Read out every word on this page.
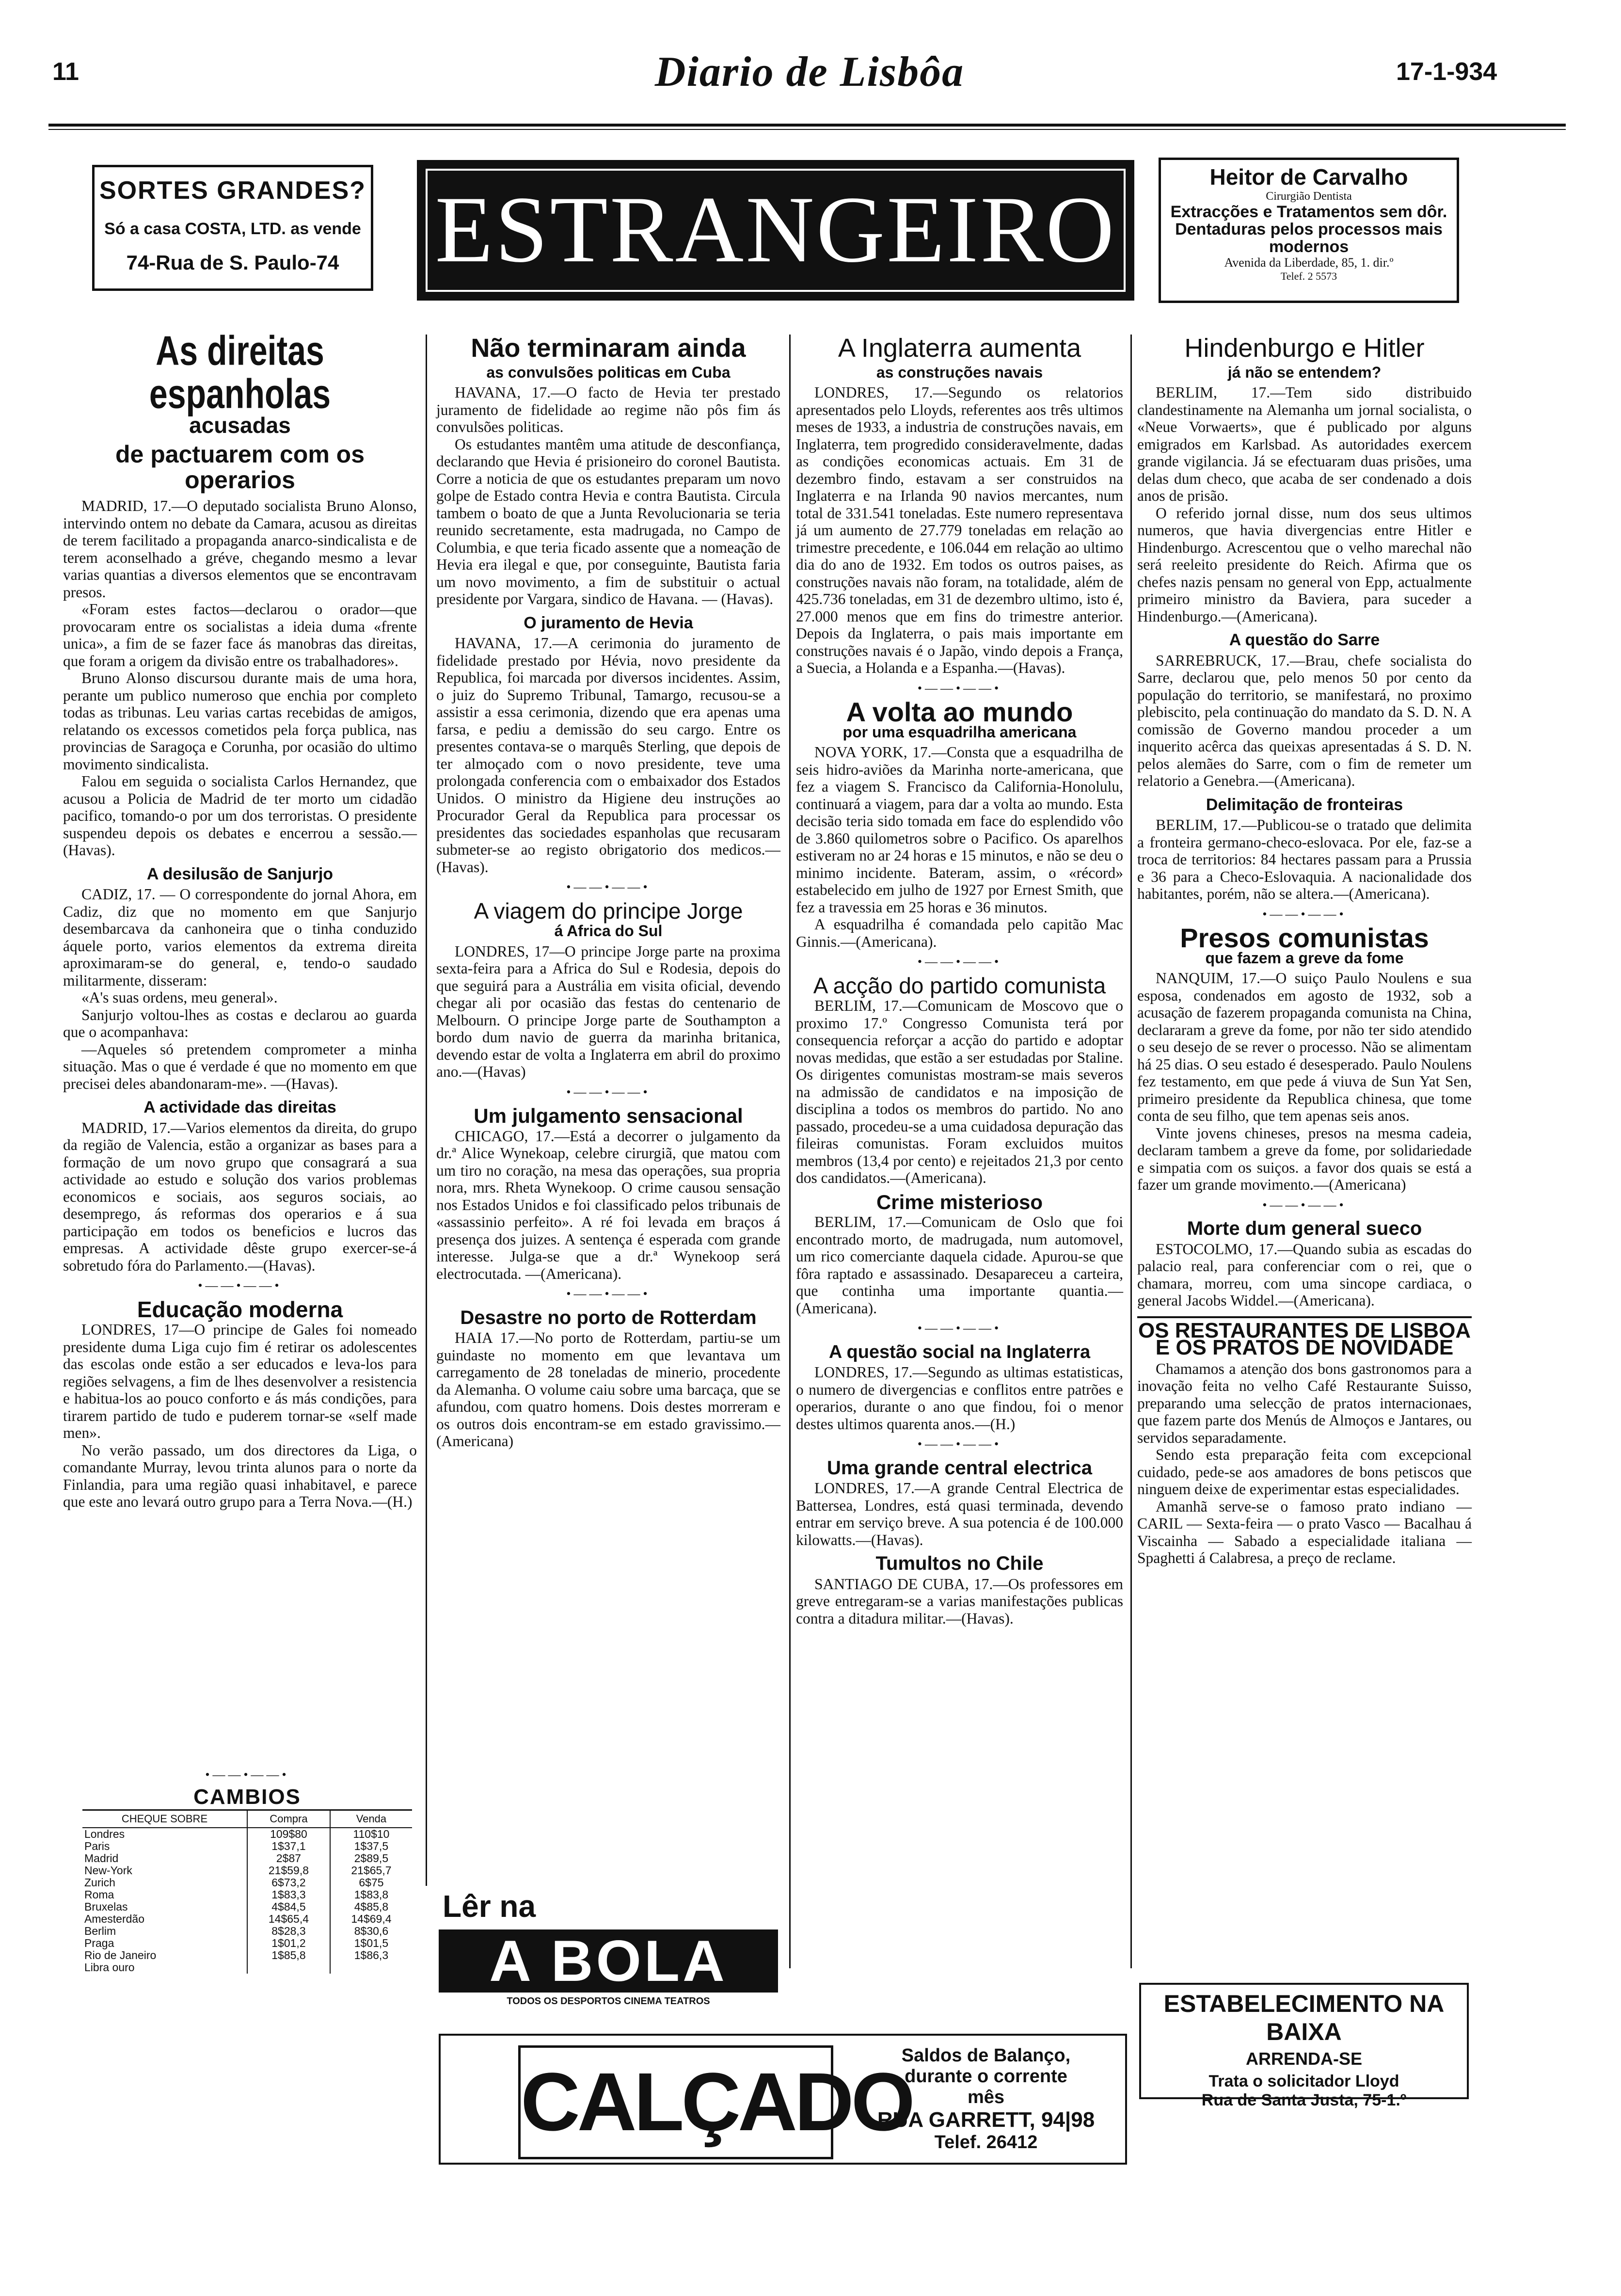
11	Diario de Lisbôa	17-1-934
SORTES GRANDES?
Só a casa COSTA, LTD. as vende
74-Rua de S. Paulo-74	ESTRANGEIRO	Heitor de Carvalho
Cirurgião Dentista
Extracções e Tratamentos sem dôr. Dentaduras pelos processos mais modernos
Avenida da Liberdade, 85, 1. dir.º
Telef. 2 5573
As direitas espanholas
acusadas
de pactuarem com os operarios

MADRID, 17.—O deputado socialista Bruno Alonso, intervindo ontem no debate da Camara, acusou as direitas de terem facilitado a propaganda anarco-sindicalista e de terem aconselhado a gréve, chegando mesmo a levar varias quantias a diversos elementos que se encontravam presos.

«Foram estes factos—declarou o orador—que provocaram entre os socialistas a ideia duma «frente unica», a fim de se fazer face ás manobras das direitas, que foram a origem da divisão entre os trabalhadores».

Bruno Alonso discursou durante mais de uma hora, perante um publico numeroso que enchia por completo todas as tribunas. Leu varias cartas recebidas de amigos, relatando os excessos cometidos pela força publica, nas provincias de Saragoça e Corunha, por ocasião do ultimo movimento sindicalista.

Falou em seguida o socialista Carlos Hernandez, que acusou a Policia de Madrid de ter morto um cidadão pacifico, tomando-o por um dos terroristas. O presidente suspendeu depois os debates e encerrou a sessão.—(Havas).

A desilusão de Sanjurjo

CADIZ, 17. — O correspondente do jornal Ahora, em Cadiz, diz que no momento em que Sanjurjo desembarcava da canhoneira que o tinha conduzido áquele porto, varios elementos da extrema direita aproximaram-se do general, e, tendo-o saudado militarmente, disseram:

«A's suas ordens, meu general».

Sanjurjo voltou-lhes as costas e declarou ao guarda que o acompanhava:

—Aqueles só pretendem comprometer a minha situação. Mas o que é verdade é que no momento em que precisei deles abandonaram-me». —(Havas).

A actividade das direitas

MADRID, 17.—Varios elementos da direita, do grupo da região de Valencia, estão a organizar as bases para a formação de um novo grupo que consagrará a sua actividade ao estudo e solução dos varios problemas economicos e sociais, aos seguros sociais, ao desemprego, ás reformas dos operarios e á sua participação em todos os beneficios e lucros das empresas. A actividade dêste grupo exercer-se-á sobretudo fóra do Parlamento.—(Havas).

•——•——•
Educação moderna

LONDRES, 17—O principe de Gales foi nomeado presidente duma Liga cujo fim é retirar os adolescentes das escolas onde estão a ser educados e leva-los para regiões selvagens, a fim de lhes desenvolver a resistencia e habitua-los ao pouco conforto e ás más condições, para tirarem partido de tudo e puderem tornar-se «self made men».

No verão passado, um dos directores da Liga, o comandante Murray, levou trinta alunos para o norte da Finlandia, para uma região quasi inhabitavel, e parece que este ano levará outro grupo para a Terra Nova.—(H.)

•——•——•
CAMBIOS
CHEQUE SOBRE	Compra	Venda
Londres	109$80	110$10
Paris	1$37,1	1$37,5
Madrid	2$87	2$89,5
New-York	21$59,8	21$65,7
Zurich	6$73,2	6$75
Roma	1$83,3	1$83,8
Bruxelas	4$84,5	4$85,8
Amesterdão	14$65,4	14$69,4
Berlim	8$28,3	8$30,6
Praga	1$01,2	1$01,5
Rio de Janeiro	1$85,8	1$86,3
Libra ouro		
Não terminaram ainda
as convulsões politicas em Cuba

HAVANA, 17.—O facto de Hevia ter prestado juramento de fidelidade ao regime não pôs fim ás convulsões politicas.

Os estudantes mantêm uma atitude de desconfiança, declarando que Hevia é prisioneiro do coronel Bautista. Corre a noticia de que os estudantes preparam um novo golpe de Estado contra Hevia e contra Bautista. Circula tambem o boato de que a Junta Revolucionaria se teria reunido secretamente, esta madrugada, no Campo de Columbia, e que teria ficado assente que a nomeação de Hevia era ilegal e que, por conseguinte, Bautista faria um novo movimento, a fim de substituir o actual presidente por Vargara, sindico de Havana. — (Havas).

O juramento de Hevia

HAVANA, 17.—A cerimonia do juramento de fidelidade prestado por Hévia, novo presidente da Republica, foi marcada por diversos incidentes. Assim, o juiz do Supremo Tribunal, Tamargo, recusou-se a assistir a essa cerimonia, dizendo que era apenas uma farsa, e pediu a demissão do seu cargo. Entre os presentes contava-se o marquês Sterling, que depois de ter almoçado com o novo presidente, teve uma prolongada conferencia com o embaixador dos Estados Unidos. O ministro da Higiene deu instruções ao Procurador Geral da Republica para processar os presidentes das sociedades espanholas que recusaram submeter-se ao registo obrigatorio dos medicos.—(Havas).

•——•——•
A viagem do principe Jorge
á Africa do Sul

LONDRES, 17—O principe Jorge parte na proxima sexta-feira para a Africa do Sul e Rodesia, depois do que seguirá para a Austrália em visita oficial, devendo chegar ali por ocasião das festas do centenario de Melbourn. O principe Jorge parte de Southampton a bordo dum navio de guerra da marinha britanica, devendo estar de volta a Inglaterra em abril do proximo ano.—(Havas)

•——•——•
Um julgamento sensacional

CHICAGO, 17.—Está a decorrer o julgamento da dr.ª Alice Wynekoap, celebre cirurgiã, que matou com um tiro no coração, na mesa das operações, sua propria nora, mrs. Rheta Wynekoop. O crime causou sensação nos Estados Unidos e foi classificado pelos tribunais de «assassinio perfeito». A ré foi levada em braços á presença dos juizes. A sentença é esperada com grande interesse. Julga-se que a dr.ª Wynekoop será electrocutada. —(Americana).

•——•——•
Desastre no porto de Rotterdam

HAIA 17.—No porto de Rotterdam, partiu-se um guindaste no momento em que levantava um carregamento de 28 toneladas de minerio, procedente da Alemanha. O volume caiu sobre uma barcaça, que se afundou, com quatro homens. Dois destes morreram e os outros dois encontram-se em estado gravissimo.—(Americana)

A Inglaterra aumenta
as construções navais

LONDRES, 17.—Segundo os relatorios apresentados pelo Lloyds, referentes aos três ultimos meses de 1933, a industria de construções navais, em Inglaterra, tem progredido consideravelmente, dadas as condições economicas actuais. Em 31 de dezembro findo, estavam a ser construidos na Inglaterra e na Irlanda 90 navios mercantes, num total de 331.541 toneladas. Este numero representava já um aumento de 27.779 toneladas em relação ao trimestre precedente, e 106.044 em relação ao ultimo dia do ano de 1932. Em todos os outros paises, as construções navais não foram, na totalidade, além de 425.736 toneladas, em 31 de dezembro ultimo, isto é, 27.000 menos que em fins do trimestre anterior. Depois da Inglaterra, o pais mais importante em construções navais é o Japão, vindo depois a França, a Suecia, a Holanda e a Espanha.—(Havas).

•——•——•
A volta ao mundo
por uma esquadrilha americana

NOVA YORK, 17.—Consta que a esquadrilha de seis hidro-aviões da Marinha norte-americana, que fez a viagem S. Francisco da California-Honolulu, continuará a viagem, para dar a volta ao mundo. Esta decisão teria sido tomada em face do esplendido vôo de 3.860 quilometros sobre o Pacifico. Os aparelhos estiveram no ar 24 horas e 15 minutos, e não se deu o minimo incidente. Bateram, assim, o «récord» estabelecido em julho de 1927 por Ernest Smith, que fez a travessia em 25 horas e 36 minutos.

A esquadrilha é comandada pelo capitão Mac Ginnis.—(Americana).

•——•——•
A acção do partido comunista

BERLIM, 17.—Comunicam de Moscovo que o proximo 17.º Congresso Comunista terá por consequencia reforçar a acção do partido e adoptar novas medidas, que estão a ser estudadas por Staline. Os dirigentes comunistas mostram-se mais severos na admissão de candidatos e na imposição de disciplina a todos os membros do partido. No ano passado, procedeu-se a uma cuidadosa depuração das fileiras comunistas. Foram excluidos muitos membros (13,4 por cento) e rejeitados 21,3 por cento dos candidatos.—(Americana).

Crime misterioso

BERLIM, 17.—Comunicam de Oslo que foi encontrado morto, de madrugada, num automovel, um rico comerciante daquela cidade. Apurou-se que fôra raptado e assassinado. Desapareceu a carteira, que continha uma importante quantia.—(Americana).

•——•——•
A questão social na Inglaterra

LONDRES, 17.—Segundo as ultimas estatisticas, o numero de divergencias e conflitos entre patrões e operarios, durante o ano que findou, foi o menor destes ultimos quarenta anos.—(H.)

•——•——•
Uma grande central electrica

LONDRES, 17.—A grande Central Electrica de Battersea, Londres, está quasi terminada, devendo entrar em serviço breve. A sua potencia é de 100.000 kilowatts.—(Havas).

Tumultos no Chile

SANTIAGO DE CUBA, 17.—Os professores em greve entregaram-se a varias manifestações publicas contra a ditadura militar.—(Havas).

Hindenburgo e Hitler
já não se entendem?

BERLIM, 17.—Tem sido distribuido clandestinamente na Alemanha um jornal socialista, o «Neue Vorwaerts», que é publicado por alguns emigrados em Karlsbad. As autoridades exercem grande vigilancia. Já se efectuaram duas prisões, uma delas dum checo, que acaba de ser condenado a dois anos de prisão.

O referido jornal disse, num dos seus ultimos numeros, que havia divergencias entre Hitler e Hindenburgo. Acrescentou que o velho marechal não será reeleito presidente do Reich. Afirma que os chefes nazis pensam no general von Epp, actualmente primeiro ministro da Baviera, para suceder a Hindenburgo.—(Americana).

A questão do Sarre

SARREBRUCK, 17.—Brau, chefe socialista do Sarre, declarou que, pelo menos 50 por cento da população do territorio, se manifestará, no proximo plebiscito, pela continuação do mandato da S. D. N. A comissão de Governo mandou proceder a um inquerito acêrca das queixas apresentadas á S. D. N. pelos alemães do Sarre, com o fim de remeter um relatorio a Genebra.—(Americana).

Delimitação de fronteiras

BERLIM, 17.—Publicou-se o tratado que delimita a fronteira germano-checo-eslovaca. Por ele, faz-se a troca de territorios: 84 hectares passam para a Prussia e 36 para a Checo-Eslovaquia. A nacionalidade dos habitantes, porém, não se altera.—(Americana).

•——•——•
Presos comunistas
que fazem a greve da fome

NANQUIM, 17.—O suiço Paulo Noulens e sua esposa, condenados em agosto de 1932, sob a acusação de fazerem propaganda comunista na China, declararam a greve da fome, por não ter sido atendido o seu desejo de se rever o processo. Não se alimentam há 25 dias. O seu estado é desesperado. Paulo Noulens fez testamento, em que pede á viuva de Sun Yat Sen, primeiro presidente da Republica chinesa, que tome conta de seu filho, que tem apenas seis anos.

Vinte jovens chineses, presos na mesma cadeia, declaram tambem a greve da fome, por solidariedade e simpatia com os suiços. a favor dos quais se está a fazer um grande movimento.—(Americana)

•——•——•
Morte dum general sueco

ESTOCOLMO, 17.—Quando subia as escadas do palacio real, para conferenciar com o rei, que o chamara, morreu, com uma sincope cardiaca, o general Jacobs Widdel.—(Americana).

OS RESTAURANTES DE LISBOA
E OS PRATOS DE NOVIDADE

Chamamos a atenção dos bons gastronomos para a inovação feita no velho Café Restaurante Suisso, preparando uma selecção de pratos internacionaes, que fazem parte dos Menús de Almoços e Jantares, ou servidos separadamente.

Sendo esta preparação feita com excepcional cuidado, pede-se aos amadores de bons petiscos que ninguem deixe de experimentar estas especialidades.

Amanhã serve-se o famoso prato indiano — CARIL — Sexta-feira — o prato Vasco — Bacalhau á Viscainha — Sabado a especialidade italiana — Spaghetti á Calabresa, a preço de reclame.

ESTABELECIMENTO NA BAIXA
ARRENDA-SE
Trata o solicitador Lloyd
Rua de Santa Justa, 75-1.º
Lêr na
A BOLA
TODOS OS DESPORTOS CINEMA TEATROS
CALÇADO
Saldos de Balanço,
durante o corrente
mês
RUA GARRETT, 94|98
Telef. 26412
